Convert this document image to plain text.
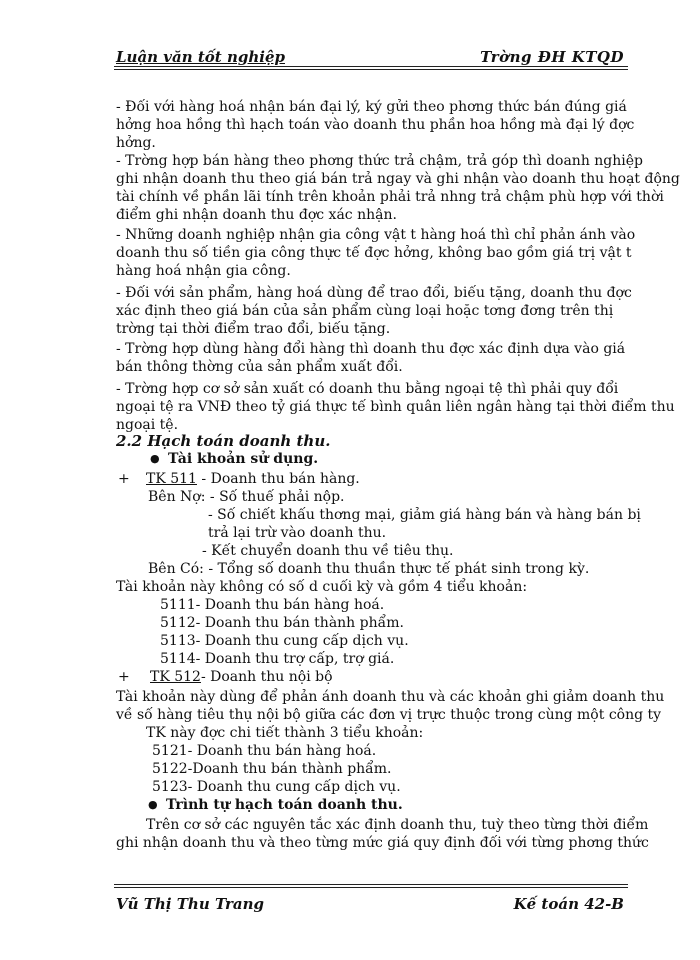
Luận văn tốt nghiệp	Trờng ĐH KTQD
- Đối với hàng hoá nhận bán đại lý, ký gửi theo phơng thức bán đúng giá
hởng hoa hồng thì hạch toán vào doanh thu phần hoa hồng mà đại lý đợc
hởng.
- Trờng hợp bán hàng theo phơng thức trả chậm, trả góp thì doanh nghiệp
ghi nhận doanh thu theo giá bán trả ngay và ghi nhận vào doanh thu hoạt động
tài chính về phần lãi tính trên khoản phải trả nhng trả chậm phù hợp với thời
điểm ghi nhận doanh thu đợc xác nhận.
- Những doanh nghiệp nhận gia công vật t hàng hoá thì chỉ phản ánh vào
doanh thu số tiền gia công thực tế đợc hởng, không bao gồm giá trị vật t
hàng hoá nhận gia công.
- Đối với sản phẩm, hàng hoá dùng để trao đổi, biếu tặng, doanh thu đợc
xác định theo giá bán của sản phẩm cùng loại hoặc tơng đơng trên thị
trờng tại thời điểm trao đổi, biếu tặng.
- Trờng hợp dùng hàng đổi hàng thì doanh thu đợc xác định dựa vào giá
bán thông thờng của sản phẩm xuất đổi.
- Trờng hợp cơ sở sản xuất có doanh thu bằng ngoại tệ thì phải quy đổi
ngoại tệ ra VNĐ theo tỷ giá thực tế bình quân liên ngân hàng tại thời điểm thu
ngoại tệ.
2.2 Hạch toán doanh thu.
● Tài khoản sử dụng.
+ TK 511 - Doanh thu bán hàng.
Bên Nợ: - Số thuế phải nộp.
- Số chiết khấu thơng mại, giảm giá hàng bán và hàng bán bị
trả lại trừ vào doanh thu.
- Kết chuyển doanh thu về tiêu thụ.
Bên Có: - Tổng số doanh thu thuần thực tế phát sinh trong kỳ.
Tài khoản này không có số d cuối kỳ và gồm 4 tiểu khoản:
5111- Doanh thu bán hàng hoá.
5112- Doanh thu bán thành phẩm.
5113- Doanh thu cung cấp dịch vụ.
5114- Doanh thu trợ cấp, trợ giá.
+ TK 512- Doanh thu nội bộ
Tài khoản này dùng để phản ánh doanh thu và các khoản ghi giảm doanh thu
về số hàng tiêu thụ nội bộ giữa các đơn vị trực thuộc trong cùng một công ty
TK này đợc chi tiết thành 3 tiểu khoản:
5121- Doanh thu bán hàng hoá.
5122-Doanh thu bán thành phẩm.
5123- Doanh thu cung cấp dịch vụ.
● Trình tự hạch toán doanh thu.
Trên cơ sở các nguyên tắc xác định doanh thu, tuỳ theo từng thời điểm
ghi nhận doanh thu và theo từng mức giá quy định đối với từng phơng thức
Vũ Thị Thu Trang	Kế toán 42-B
